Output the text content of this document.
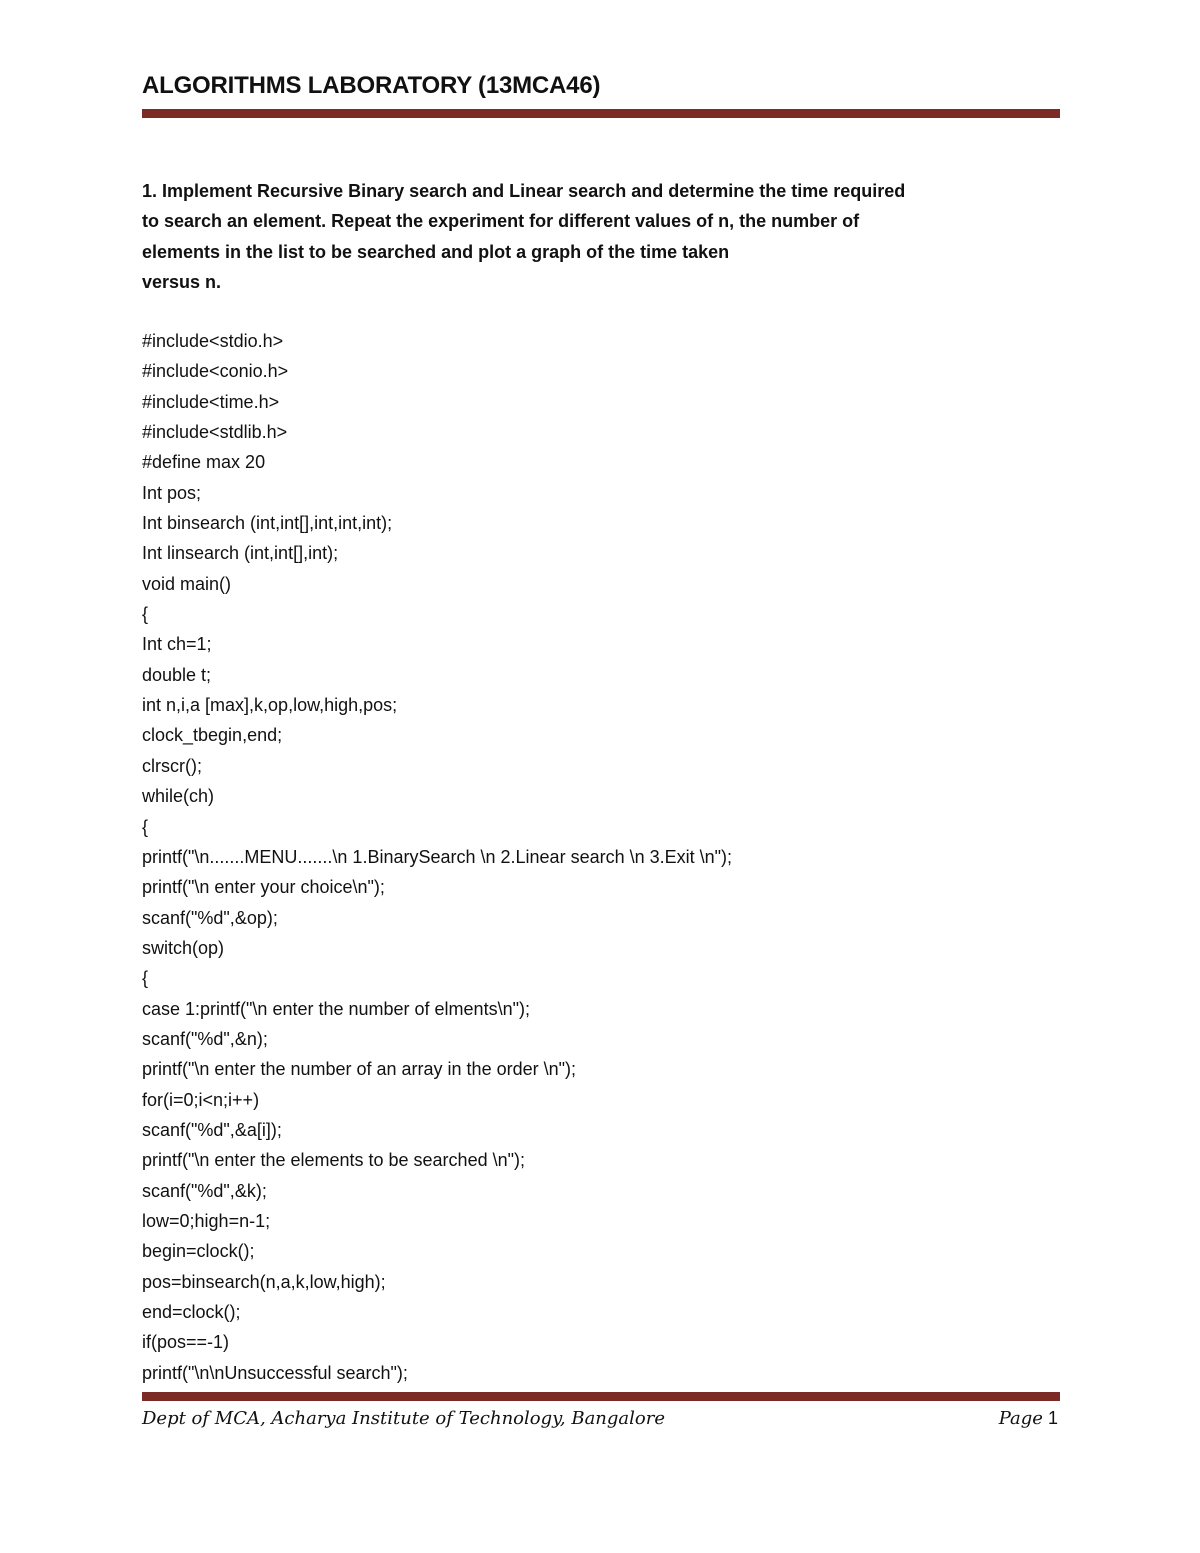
ALGORITHMS LABORATORY (13MCA46)
1. Implement Recursive Binary search and Linear search and determine the time required
to search an element. Repeat the experiment for different values of n, the number of
elements in the list to be searched and plot a graph of the time taken
versus n.
#include<stdio.h>
#include<conio.h>
#include<time.h>
#include<stdlib.h>
#define max 20
Int pos;
Int binsearch (int,int[],int,int,int);
Int linsearch (int,int[],int);
void main()
{
Int ch=1;
double t;
int n,i,a [max],k,op,low,high,pos;
clock_tbegin,end;
clrscr();
while(ch)
{
printf("\n.......MENU.......\n 1.BinarySearch \n 2.Linear search \n 3.Exit \n");
printf("\n enter your choice\n");
scanf("%d",&op);
switch(op)
{
case 1:printf("\n enter the number of elments\n");
scanf("%d",&n);
printf("\n enter the number of an array in the order \n");
for(i=0;i<n;i++)
scanf("%d",&a[i]);
printf("\n enter the elements to be searched \n");
scanf("%d",&k);
low=0;high=n-1;
begin=clock();
pos=binsearch(n,a,k,low,high);
end=clock();
if(pos==-1)
printf("\n\nUnsuccessful search");
Dept of MCA, Acharya Institute of Technology, Bangalore	Page 1
